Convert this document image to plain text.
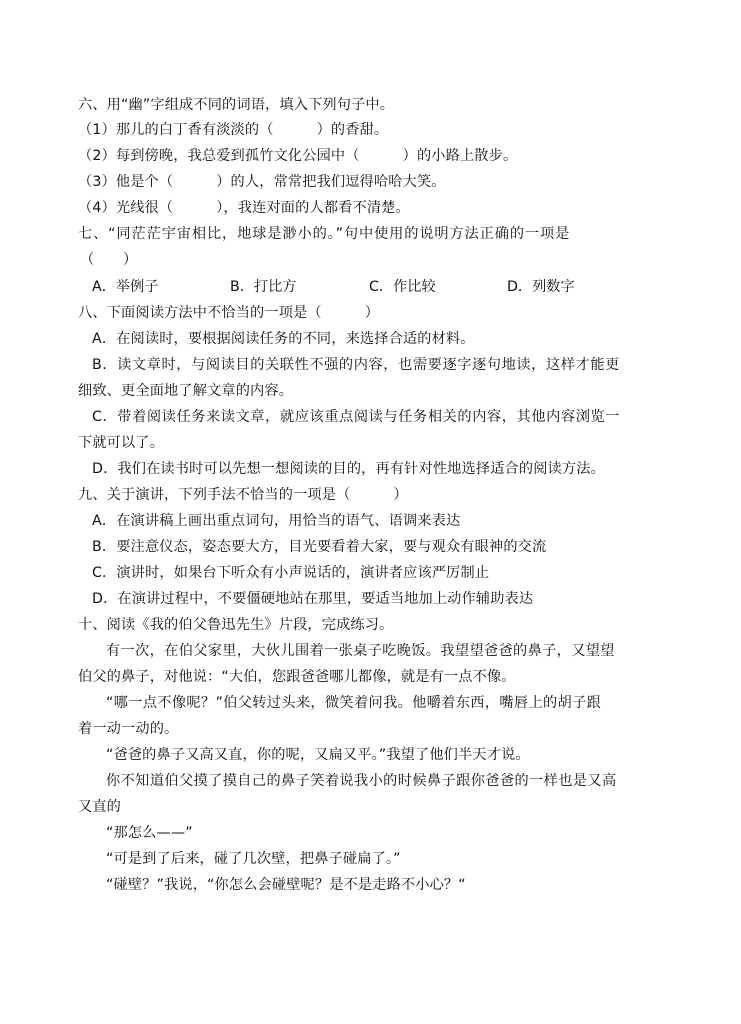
六、用“幽”字组成不同的词语，填入下列句子中。
（1）那儿的白丁香有淡淡的（　　　）的香甜。
（2）每到傍晚，我总爱到孤竹文化公园中（　　　）的小路上散步。
（3）他是个（　　　）的人，常常把我们逗得哈哈大笑。
（4）光线很（　　　），我连对面的人都看不清楚。
七、“同茫茫宇宙相比，地球是渺小的。”句中使用的说明方法正确的一项是
（　　）
A．举例子	B．打比方	C．作比较	D．列数字
八、下面阅读方法中不恰当的一项是（　　　）
A．在阅读时，要根据阅读任务的不同，来选择合适的材料。
B．读文章时，与阅读目的关联性不强的内容，也需要逐字逐句地读，这样才能更
细致、更全面地了解文章的内容。
C．带着阅读任务来读文章，就应该重点阅读与任务相关的内容，其他内容浏览一
下就可以了。
D．我们在读书时可以先想一想阅读的目的，再有针对性地选择适合的阅读方法。
九、关于演讲，下列手法不恰当的一项是（　　　）
A．在演讲稿上画出重点词句，用恰当的语气、语调来表达
B．要注意仪态，姿态要大方，目光要看着大家，要与观众有眼神的交流
C．演讲时，如果台下听众有小声说话的，演讲者应该严厉制止
D．在演讲过程中，不要僵硬地站在那里，要适当地加上动作辅助表达
十、阅读《我的伯父鲁迅先生》片段，完成练习。
有一次，在伯父家里，大伙儿围着一张桌子吃晚饭。我望望爸爸的鼻子，又望望
伯父的鼻子，对他说：“大伯，您跟爸爸哪儿都像，就是有一点不像。
“哪一点不像呢？”伯父转过头来，微笑着问我。他嚼着东西，嘴唇上的胡子跟
着一动一动的。
“爸爸的鼻子又高又直，你的呢，又扁又平。”我望了他们半天才说。
你不知道伯父摸了摸自己的鼻子笑着说我小的时候鼻子跟你爸爸的一样也是又高
又直的
“那怎么——”
“可是到了后来，碰了几次壁，把鼻子碰扁了。”
“碰壁？”我说，“你怎么会碰壁呢？是不是走路不小心？“
